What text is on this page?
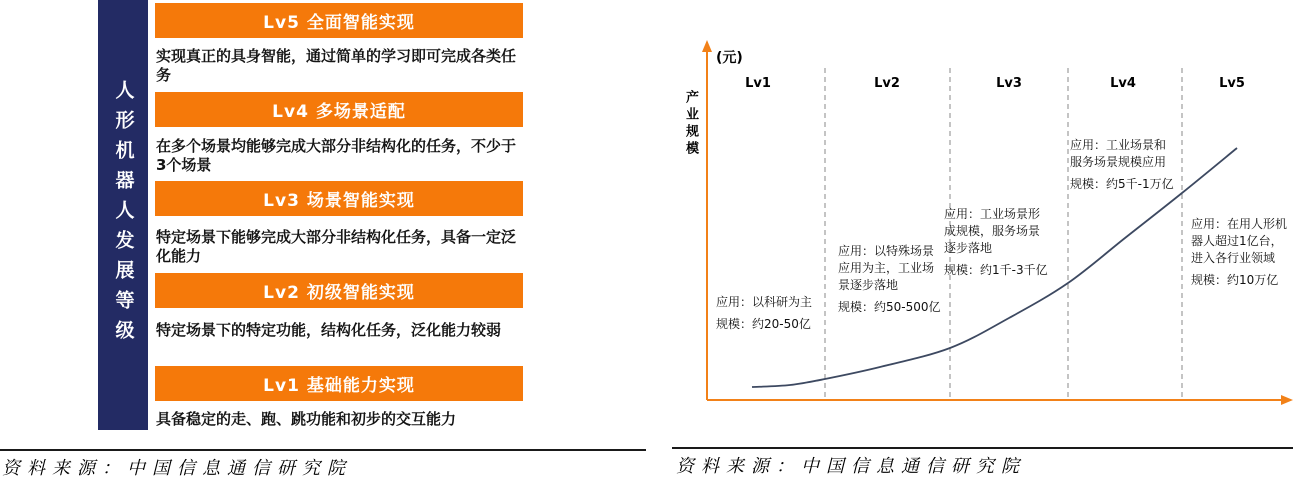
人形机器人发展等级
Lv5 全面智能实现
实现真正的具身智能，通过简单的学习即可完成各类任务
Lv4 多场景适配
在多个场景均能够完成大部分非结构化的任务，不少于3个场景
Lv3 场景智能实现
特定场景下能够完成大部分非结构化任务，具备一定泛化能力
Lv2 初级智能实现
特定场景下的特定功能，结构化任务，泛化能力较弱
Lv1 基础能力实现
具备稳定的走、跑、跳功能和初步的交互能力
(元)
产业规模
Lv1	Lv2	Lv3	Lv4	Lv5
应用：以科研为主
规模：约20-50亿
应用：以特殊场景应用为主，工业场景逐步落地
规模：约50-500亿
应用：工业场景形成规模，服务场景逐步落地
规模：约1千-3千亿
应用：工业场景和服务场景规模应用
规模：约5千-1万亿
应用：在用人形机器人超过1亿台，进入各行业领域
规模：约10万亿
资料来源：中国信息通信研究院	资料来源：中国信息通信研究院
